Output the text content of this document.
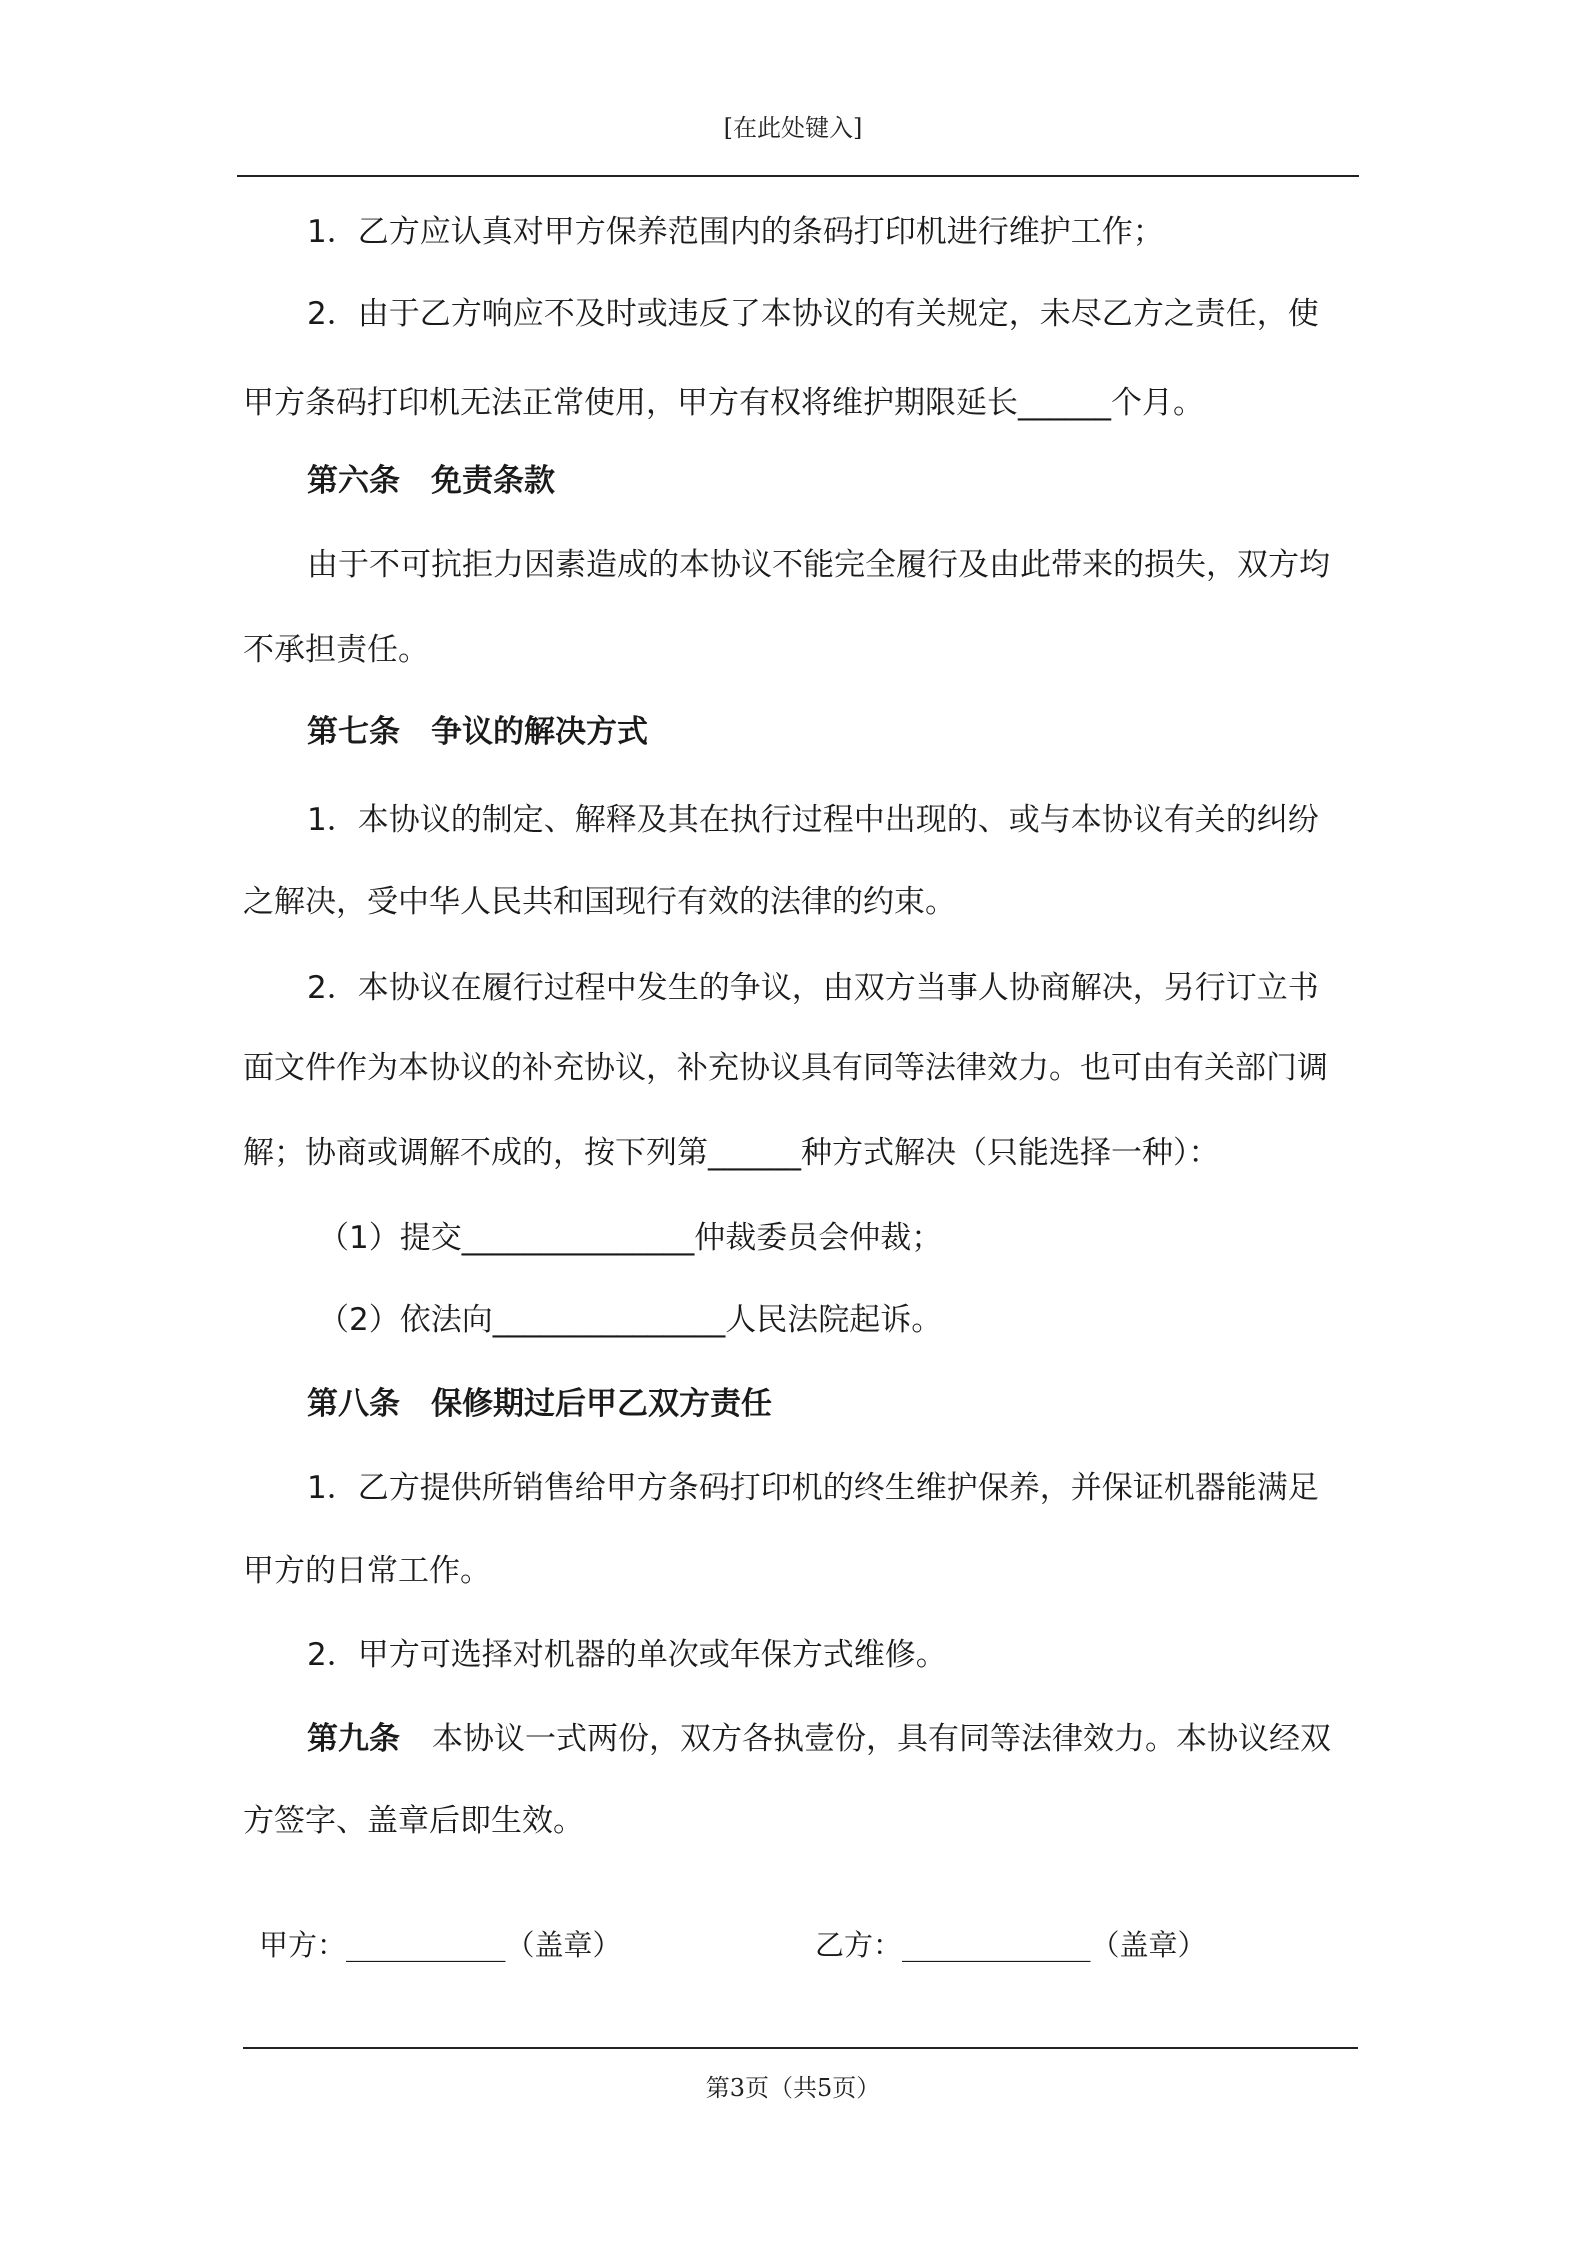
[在此处键入]
1．乙方应认真对甲方保养范围内的条码打印机进行维护工作；
2．由于乙方响应不及时或违反了本协议的有关规定，未尽乙方之责任，使
甲方条码打印机无法正常使用，甲方有权将维护期限延长______个月。
第六条　免责条款
由于不可抗拒力因素造成的本协议不能完全履行及由此带来的损失，双方均
不承担责任。
第七条　争议的解决方式
1．本协议的制定、解释及其在执行过程中出现的、或与本协议有关的纠纷
之解决，受中华人民共和国现行有效的法律的约束。
2．本协议在履行过程中发生的争议，由双方当事人协商解决，另行订立书
面文件作为本协议的补充协议，补充协议具有同等法律效力。也可由有关部门调
解；协商或调解不成的，按下列第______种方式解决（只能选择一种）：
（1）提交_______________仲裁委员会仲裁；
（2）依法向_______________人民法院起诉。
第八条　保修期过后甲乙双方责任
1．乙方提供所销售给甲方条码打印机的终生维护保养，并保证机器能满足
甲方的日常工作。
2．甲方可选择对机器的单次或年保方式维修。
第九条 本协议一式两份，双方各执壹份，具有同等法律效力。本协议经双
方签字、盖章后即生效。
甲方：___________（盖章）	乙方：_____________（盖章）
第3页（共5页）
